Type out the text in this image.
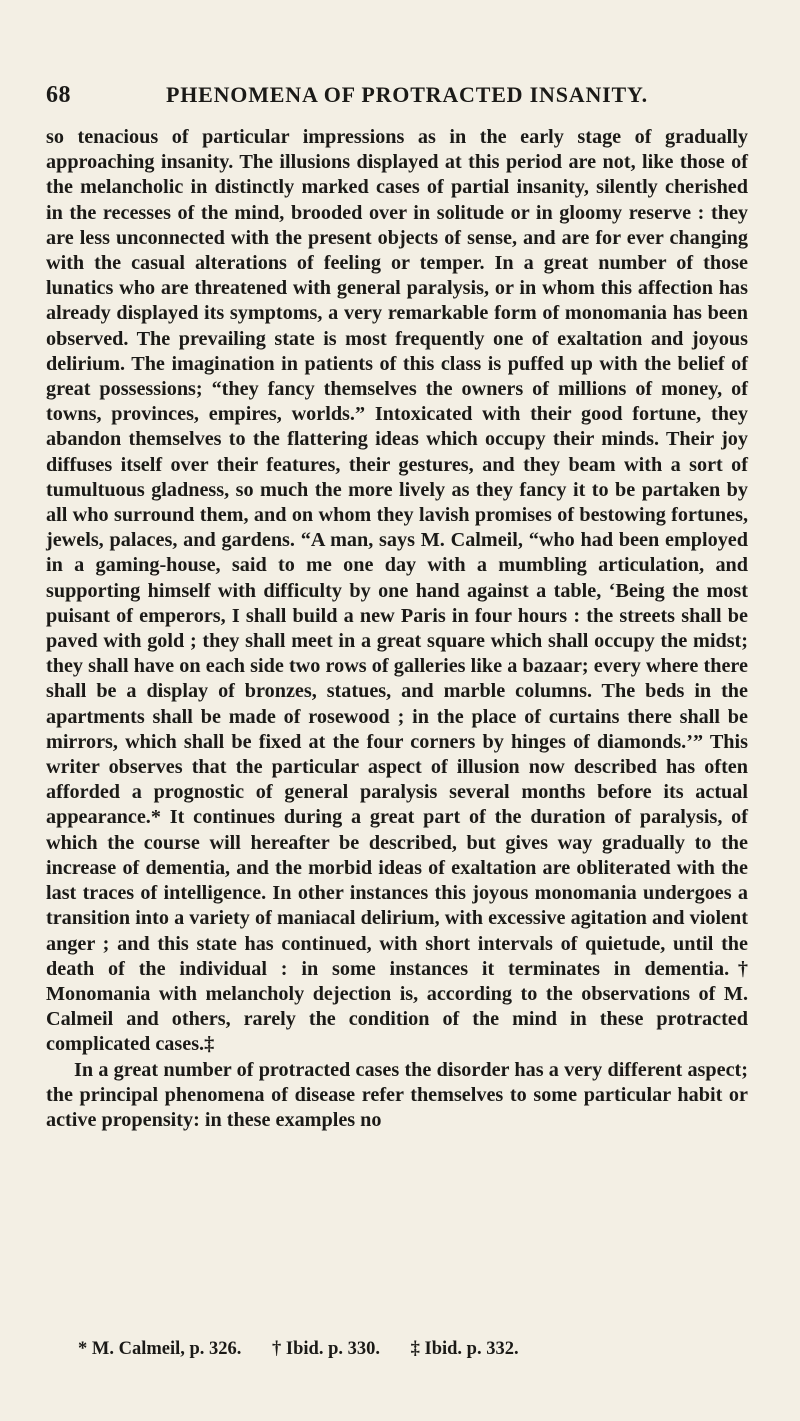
68	PHENOMENA OF PROTRACTED INSANITY.

so tenacious of particular impressions as in the early stage of gradually approaching insanity. The illusions displayed at this period are not, like those of the melancholic in distinctly marked cases of partial insanity, silently cherished in the recesses of the mind, brooded over in solitude or in gloomy reserve : they are less unconnected with the present objects of sense, and are for ever changing with the casual alterations of feeling or temper. In a great number of those lunatics who are threatened with general paralysis, or in whom this affection has already displayed its symptoms, a very remarkable form of monomania has been observed. The prevailing state is most frequently one of exaltation and joyous delirium. The imagination in patients of this class is puffed up with the belief of great possessions; “they fancy themselves the owners of millions of money, of towns, provinces, empires, worlds.” Intoxicated with their good fortune, they abandon themselves to the flattering ideas which occupy their minds. Their joy diffuses itself over their features, their gestures, and they beam with a sort of tumultuous gladness, so much the more lively as they fancy it to be partaken by all who surround them, and on whom they lavish promises of bestowing fortunes, jewels, palaces, and gardens. “A man, says M. Calmeil, “who had been employed in a gaming-house, said to me one day with a mumbling articulation, and supporting himself with difficulty by one hand against a table, ‘Being the most puisant of emperors, I shall build a new Paris in four hours : the streets shall be paved with gold ; they shall meet in a great square which shall occupy the midst; they shall have on each side two rows of galleries like a bazaar; every where there shall be a display of bronzes, statues, and marble columns. The beds in the apartments shall be made of rosewood ; in the place of curtains there shall be mirrors, which shall be fixed at the four corners by hinges of diamonds.’” This writer observes that the particular aspect of illusion now described has often afforded a prognostic of general paralysis several months before its actual appearance.* It continues during a great part of the duration of paralysis, of which the course will hereafter be described, but gives way gradually to the increase of dementia, and the morbid ideas of exaltation are obliterated with the last traces of intelligence. In other instances this joyous monomania undergoes a transition into a variety of maniacal delirium, with excessive agitation and violent anger ; and this state has continued, with short intervals of quietude, until the death of the individual : in some instances it terminates in dementia.† Monomania with melancholy dejection is, according to the observations of M. Calmeil and others, rarely the condition of the mind in these protracted complicated cases.‡

In a great number of protracted cases the disorder has a very different aspect; the principal phenomena of disease refer themselves to some particular habit or active propensity: in these examples no

* M. Calmeil, p. 326. † Ibid. p. 330. ‡ Ibid. p. 332.
